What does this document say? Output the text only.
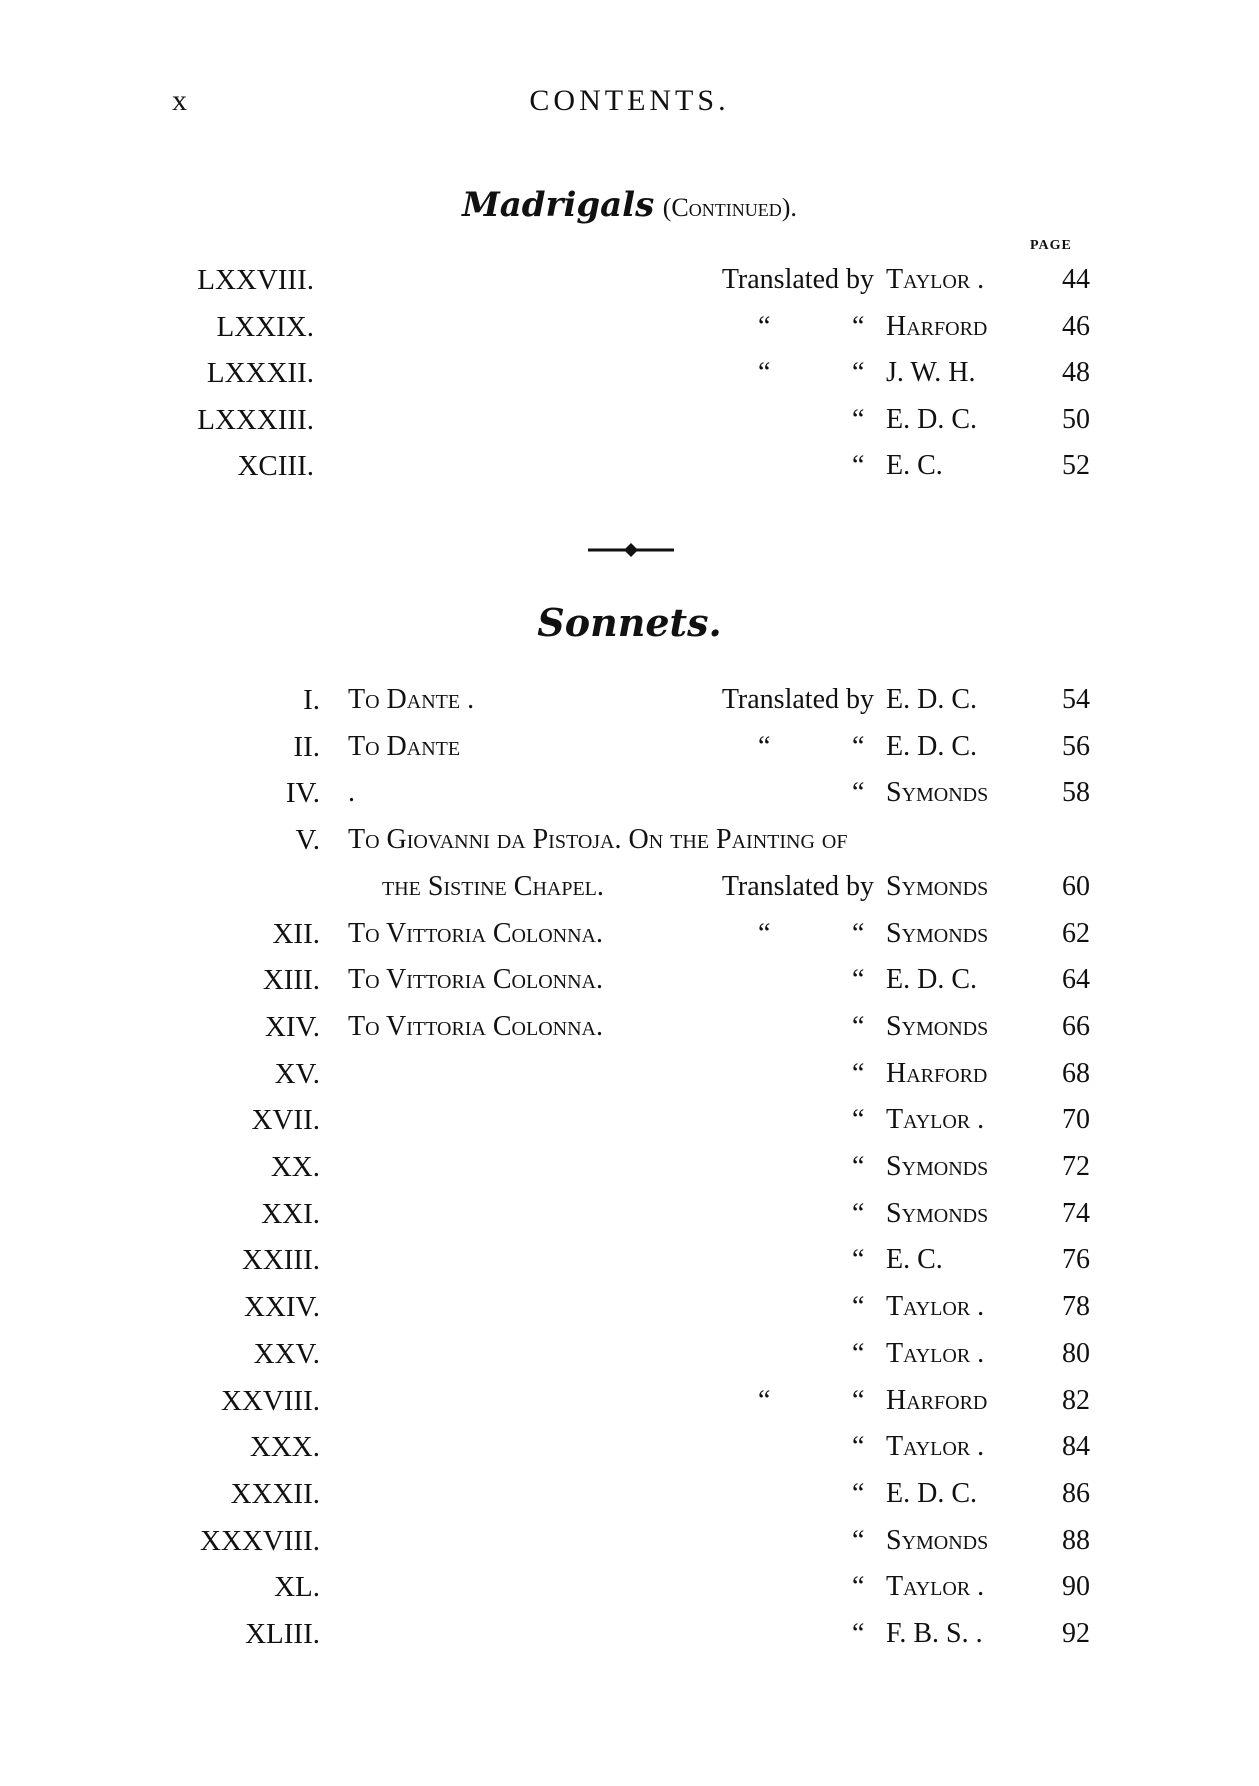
x	CONTENTS.
Madrigals (Continued).
PAGE
LXXVIII.	Translated by Taylor .	44
LXXIX.	“	“ Harford	46
LXXXII.	“	“ J. W. H.	48
LXXXIII.	“ E. D. C.	50
XCIII.	“ E. C.	52
Sonnets.
I. To Dante .	Translated by E. D. C.	54
II. To Dante	“	“ E. D. C.	56
IV. .	“ Symonds	58
V. To Giovanni da Pistoja. On the Painting of
the Sistine Chapel.	Translated by Symonds	60
XII. To Vittoria Colonna.	“	“ Symonds	62
XIII. To Vittoria Colonna.	“ E. D. C.	64
XIV. To Vittoria Colonna.	“ Symonds	66
XV.	“ Harford	68
XVII.	“ Taylor .	70
XX.	“ Symonds	72
XXI.	“ Symonds	74
XXIII.	“ E. C.	76
XXIV.	“ Taylor .	78
XXV.	“ Taylor .	80
XXVIII.	“	“ Harford	82
XXX.	“ Taylor .	84
XXXII.	“ E. D. C.	86
XXXVIII.	“ Symonds	88
XL.	“ Taylor .	90
XLIII.	“ F. B. S. .	92
